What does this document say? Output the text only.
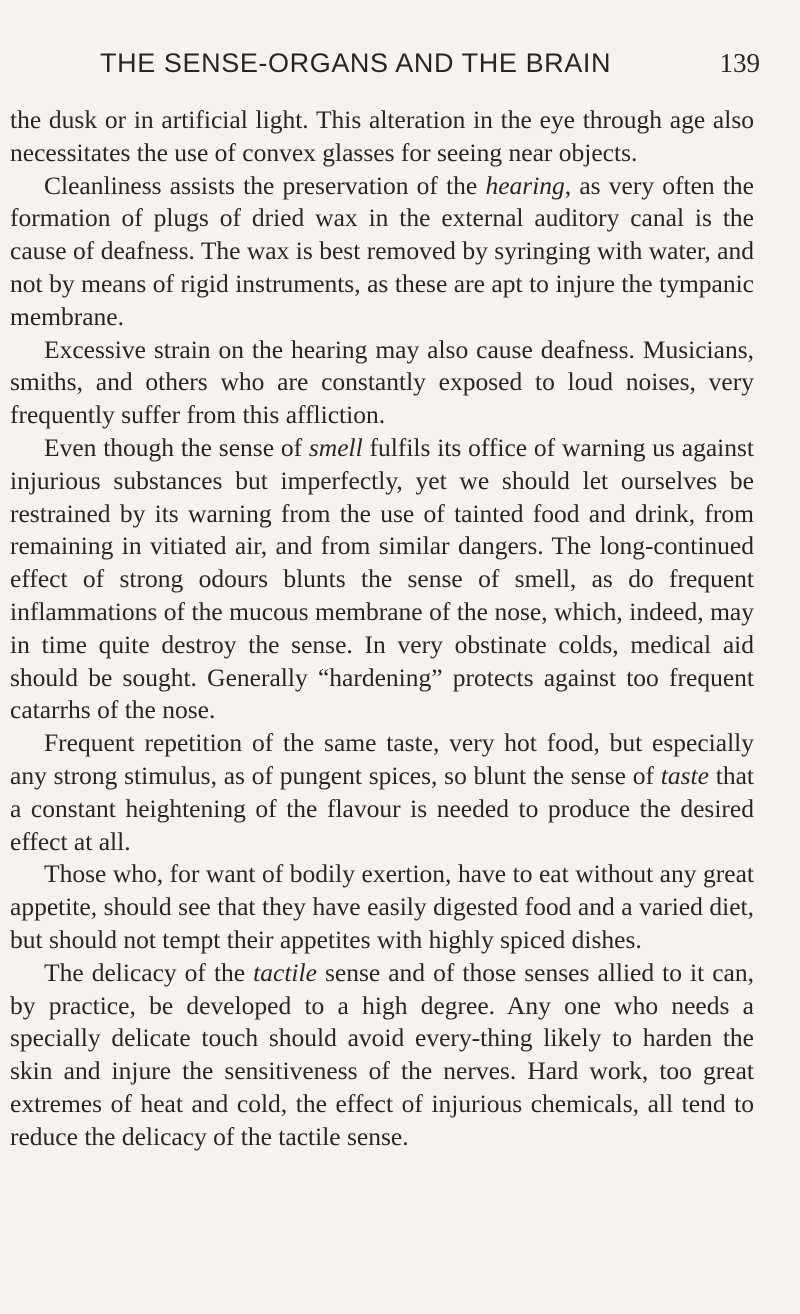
THE SENSE-ORGANS AND THE BRAIN	139

the dusk or in artificial light. This alteration in the eye through age also necessitates the use of convex glasses for seeing near objects.

Cleanliness assists the preservation of the hearing, as very often the formation of plugs of dried wax in the external auditory canal is the cause of deafness. The wax is best removed by syringing with water, and not by means of rigid instruments, as these are apt to injure the tympanic membrane.

Excessive strain on the hearing may also cause deafness. Musicians, smiths, and others who are constantly exposed to loud noises, very frequently suffer from this affliction.

Even though the sense of smell fulfils its office of warning us against injurious substances but imperfectly, yet we should let ourselves be restrained by its warning from the use of tainted food and drink, from remaining in vitiated air, and from similar dangers. The long-continued effect of strong odours blunts the sense of smell, as do frequent inflammations of the mucous membrane of the nose, which, indeed, may in time quite destroy the sense. In very obstinate colds, medical aid should be sought. Generally “hardening” protects against too frequent catarrhs of the nose.

Frequent repetition of the same taste, very hot food, but especially any strong stimulus, as of pungent spices, so blunt the sense of taste that a constant heightening of the flavour is needed to produce the desired effect at all.

Those who, for want of bodily exertion, have to eat without any great appetite, should see that they have easily digested food and a varied diet, but should not tempt their appetites with highly spiced dishes.

The delicacy of the tactile sense and of those senses allied to it can, by practice, be developed to a high degree. Any one who needs a specially delicate touch should avoid every-thing likely to harden the skin and injure the sensitiveness of the nerves. Hard work, too great extremes of heat and cold, the effect of injurious chemicals, all tend to reduce the delicacy of the tactile sense.
